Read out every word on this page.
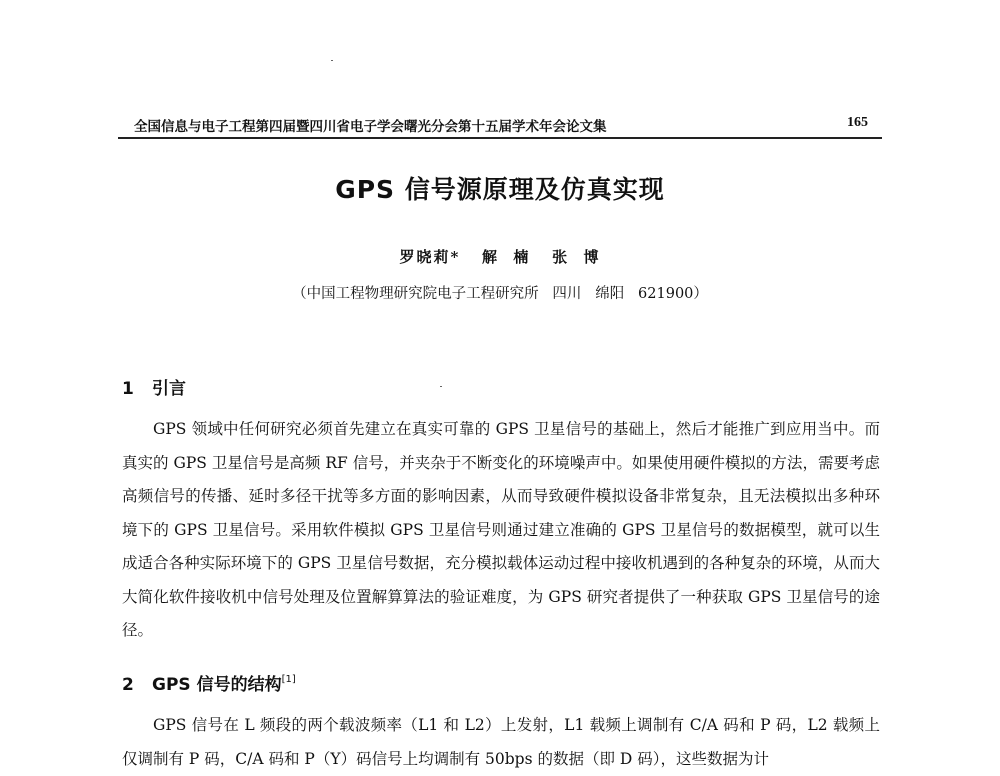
全国信息与电子工程第四届暨四川省电子学会曙光分会第十五届学术年会论文集	165
GPS 信号源原理及仿真实现
罗晓莉*   解  楠   张  博
（中国工程物理研究院电子工程研究所   四川   绵阳   621900）
1 引言

GPS 领域中任何研究必须首先建立在真实可靠的 GPS 卫星信号的基础上，然后才能推广到应用当中。而真实的 GPS 卫星信号是高频 RF 信号，并夹杂于不断变化的环境噪声中。如果使用硬件模拟的方法，需要考虑高频信号的传播、延时多径干扰等多方面的影响因素，从而导致硬件模拟设备非常复杂，且无法模拟出多种环境下的 GPS 卫星信号。采用软件模拟 GPS 卫星信号则通过建立准确的 GPS 卫星信号的数据模型，就可以生成适合各种实际环境下的 GPS 卫星信号数据，充分模拟载体运动过程中接收机遇到的各种复杂的环境，从而大大简化软件接收机中信号处理及位置解算算法的验证难度，为 GPS 研究者提供了一种获取 GPS 卫星信号的途径。

2 GPS 信号的结构[1]

GPS 信号在 L 频段的两个载波频率（L1 和 L2）上发射，L1 载频上调制有 C/A 码和 P 码，L2 载频上仅调制有 P 码，C/A 码和 P（Y）码信号上均调制有 50bps 的数据（即 D 码），这些数据为计
